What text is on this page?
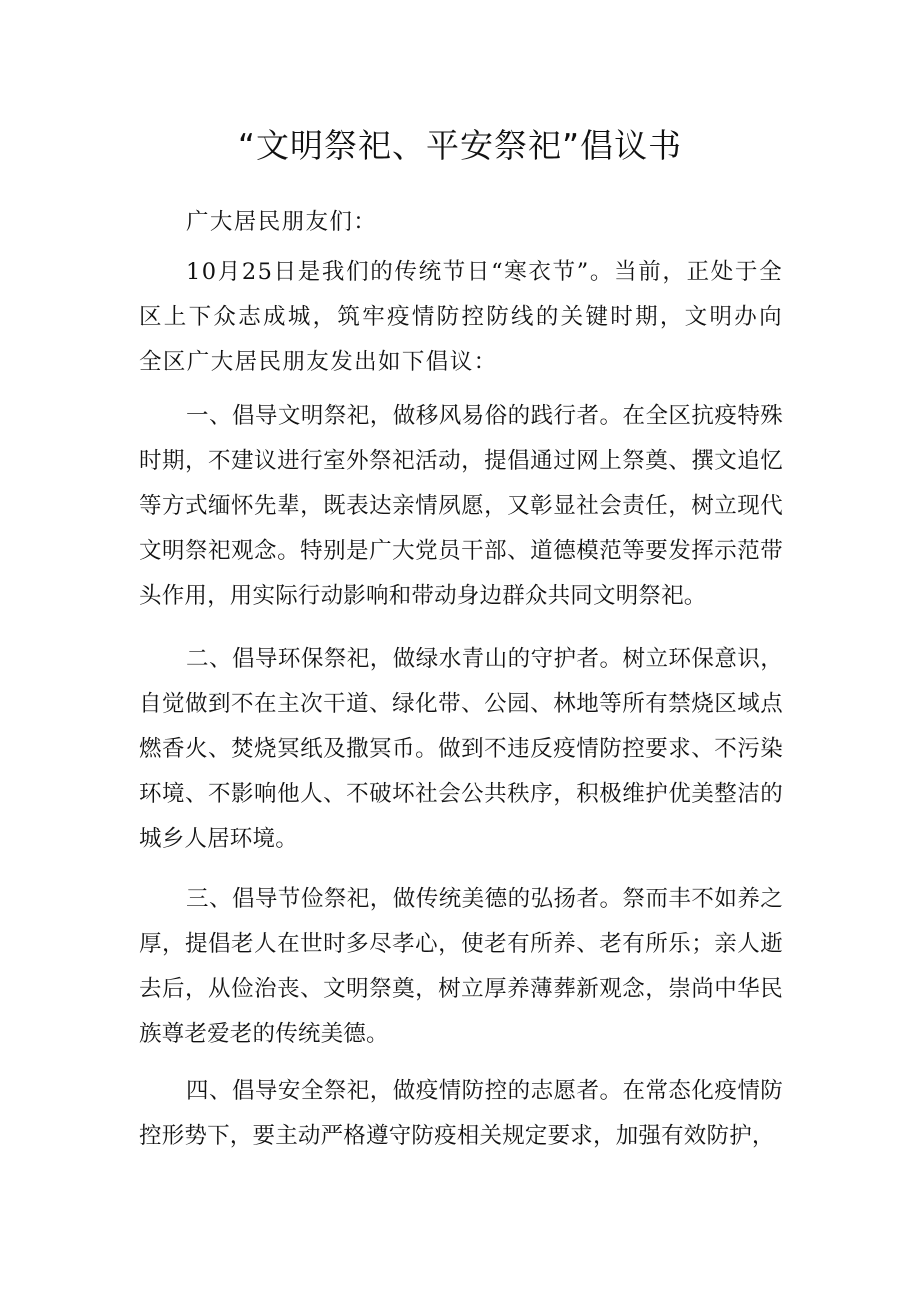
“文明祭祀、平安祭祀”倡议书

广大居民朋友们：

10月25日是我们的传统节日“寒衣节”。当前，正处于全区上下众志成城，筑牢疫情防控防线的关键时期，文明办向全区广大居民朋友发出如下倡议：

一、倡导文明祭祀，做移风易俗的践行者。在全区抗疫特殊时期，不建议进行室外祭祀活动，提倡通过网上祭奠、撰文追忆等方式缅怀先辈，既表达亲情夙愿，又彰显社会责任，树立现代文明祭祀观念。特别是广大党员干部、道德模范等要发挥示范带头作用，用实际行动影响和带动身边群众共同文明祭祀。

二、倡导环保祭祀，做绿水青山的守护者。树立环保意识，自觉做到不在主次干道、绿化带、公园、林地等所有禁烧区域点燃香火、焚烧冥纸及撒冥币。做到不违反疫情防控要求、不污染环境、不影响他人、不破坏社会公共秩序，积极维护优美整洁的城乡人居环境。

三、倡导节俭祭祀，做传统美德的弘扬者。祭而丰不如养之厚，提倡老人在世时多尽孝心，使老有所养、老有所乐；亲人逝去后，从俭治丧、文明祭奠，树立厚养薄葬新观念，崇尚中华民族尊老爱老的传统美德。

四、倡导安全祭祀，做疫情防控的志愿者。在常态化疫情防控形势下，要主动严格遵守防疫相关规定要求，加强有效防护，
